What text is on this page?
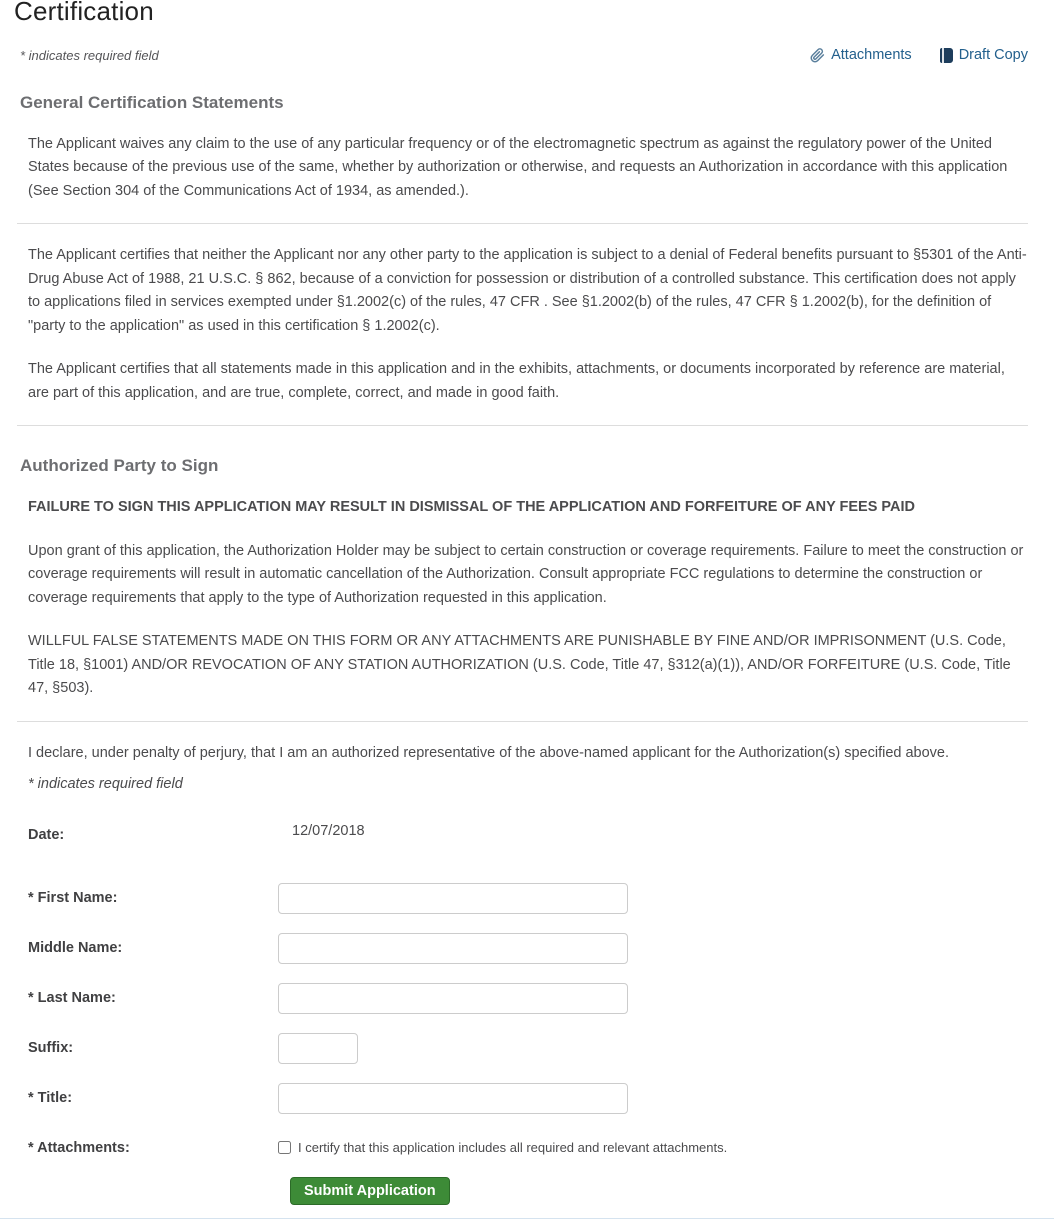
Certification
* indicates required field	Attachments	Draft Copy
General Certification Statements

The Applicant waives any claim to the use of any particular frequency or of the electromagnetic spectrum as against the regulatory power of the United States because of the previous use of the same, whether by authorization or otherwise, and requests an Authorization in accordance with this application (See Section 304 of the Communications Act of 1934, as amended.).

The Applicant certifies that neither the Applicant nor any other party to the application is subject to a denial of Federal benefits pursuant to §5301 of the Anti-Drug Abuse Act of 1988, 21 U.S.C. § 862, because of a conviction for possession or distribution of a controlled substance. This certification does not apply to applications filed in services exempted under §1.2002(c) of the rules, 47 CFR . See §1.2002(b) of the rules, 47 CFR § 1.2002(b), for the definition of "party to the application" as used in this certification § 1.2002(c).

The Applicant certifies that all statements made in this application and in the exhibits, attachments, or documents incorporated by reference are material, are part of this application, and are true, complete, correct, and made in good faith.

Authorized Party to Sign

FAILURE TO SIGN THIS APPLICATION MAY RESULT IN DISMISSAL OF THE APPLICATION AND FORFEITURE OF ANY FEES PAID

Upon grant of this application, the Authorization Holder may be subject to certain construction or coverage requirements. Failure to meet the construction or coverage requirements will result in automatic cancellation of the Authorization. Consult appropriate FCC regulations to determine the construction or coverage requirements that apply to the type of Authorization requested in this application.

WILLFUL FALSE STATEMENTS MADE ON THIS FORM OR ANY ATTACHMENTS ARE PUNISHABLE BY FINE AND/OR IMPRISONMENT (U.S. Code, Title 18, §1001) AND/OR REVOCATION OF ANY STATION AUTHORIZATION (U.S. Code, Title 47, §312(a)(1)), AND/OR FORFEITURE (U.S. Code, Title 47, §503).

I declare, under penalty of perjury, that I am an authorized representative of the above-named applicant for the Authorization(s) specified above.

* indicates required field

Date:	12/07/2018
* First Name:
Middle Name:
* Last Name:
Suffix:
* Title:
* Attachments:	I certify that this application includes all required and relevant attachments.
Submit Application
